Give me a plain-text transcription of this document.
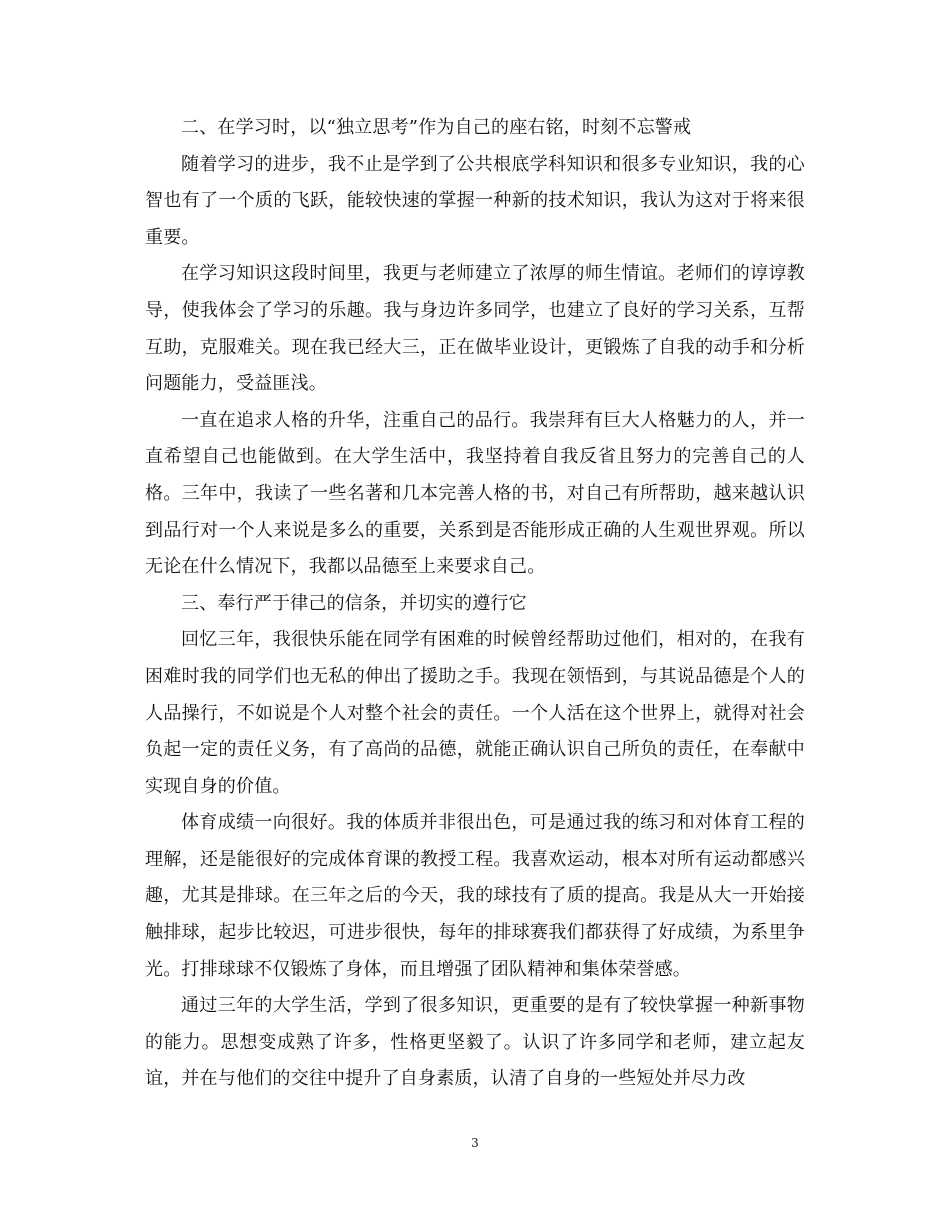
二、在学习时，以“独立思考”作为自己的座右铭，时刻不忘警戒

随着学习的进步，我不止是学到了公共根底学科知识和很多专业知识，我的心智也有了一个质的飞跃，能较快速的掌握一种新的技术知识，我认为这对于将来很重要。

在学习知识这段时间里，我更与老师建立了浓厚的师生情谊。老师们的谆谆教导，使我体会了学习的乐趣。我与身边许多同学，也建立了良好的学习关系，互帮互助，克服难关。现在我已经大三，正在做毕业设计，更锻炼了自我的动手和分析问题能力，受益匪浅。

一直在追求人格的升华，注重自己的品行。我崇拜有巨大人格魅力的人，并一直希望自己也能做到。在大学生活中，我坚持着自我反省且努力的完善自己的人格。三年中，我读了一些名著和几本完善人格的书，对自己有所帮助，越来越认识到品行对一个人来说是多么的重要，关系到是否能形成正确的人生观世界观。所以无论在什么情况下，我都以品德至上来要求自己。

三、奉行严于律己的信条，并切实的遵行它

回忆三年，我很快乐能在同学有困难的时候曾经帮助过他们，相对的，在我有困难时我的同学们也无私的伸出了援助之手。我现在领悟到，与其说品德是个人的人品操行，不如说是个人对整个社会的责任。一个人活在这个世界上，就得对社会负起一定的责任义务，有了高尚的品德，就能正确认识自己所负的责任，在奉献中实现自身的价值。

体育成绩一向很好。我的体质并非很出色，可是通过我的练习和对体育工程的理解，还是能很好的完成体育课的教授工程。我喜欢运动，根本对所有运动都感兴趣，尤其是排球。在三年之后的今天，我的球技有了质的提高。我是从大一开始接触排球，起步比较迟，可进步很快，每年的排球赛我们都获得了好成绩，为系里争光。打排球球不仅锻炼了身体，而且增强了团队精神和集体荣誉感。

通过三年的大学生活，学到了很多知识，更重要的是有了较快掌握一种新事物的能力。思想变成熟了许多，性格更坚毅了。认识了许多同学和老师，建立起友谊，并在与他们的交往中提升了自身素质，认清了自身的一些短处并尽力改

3
